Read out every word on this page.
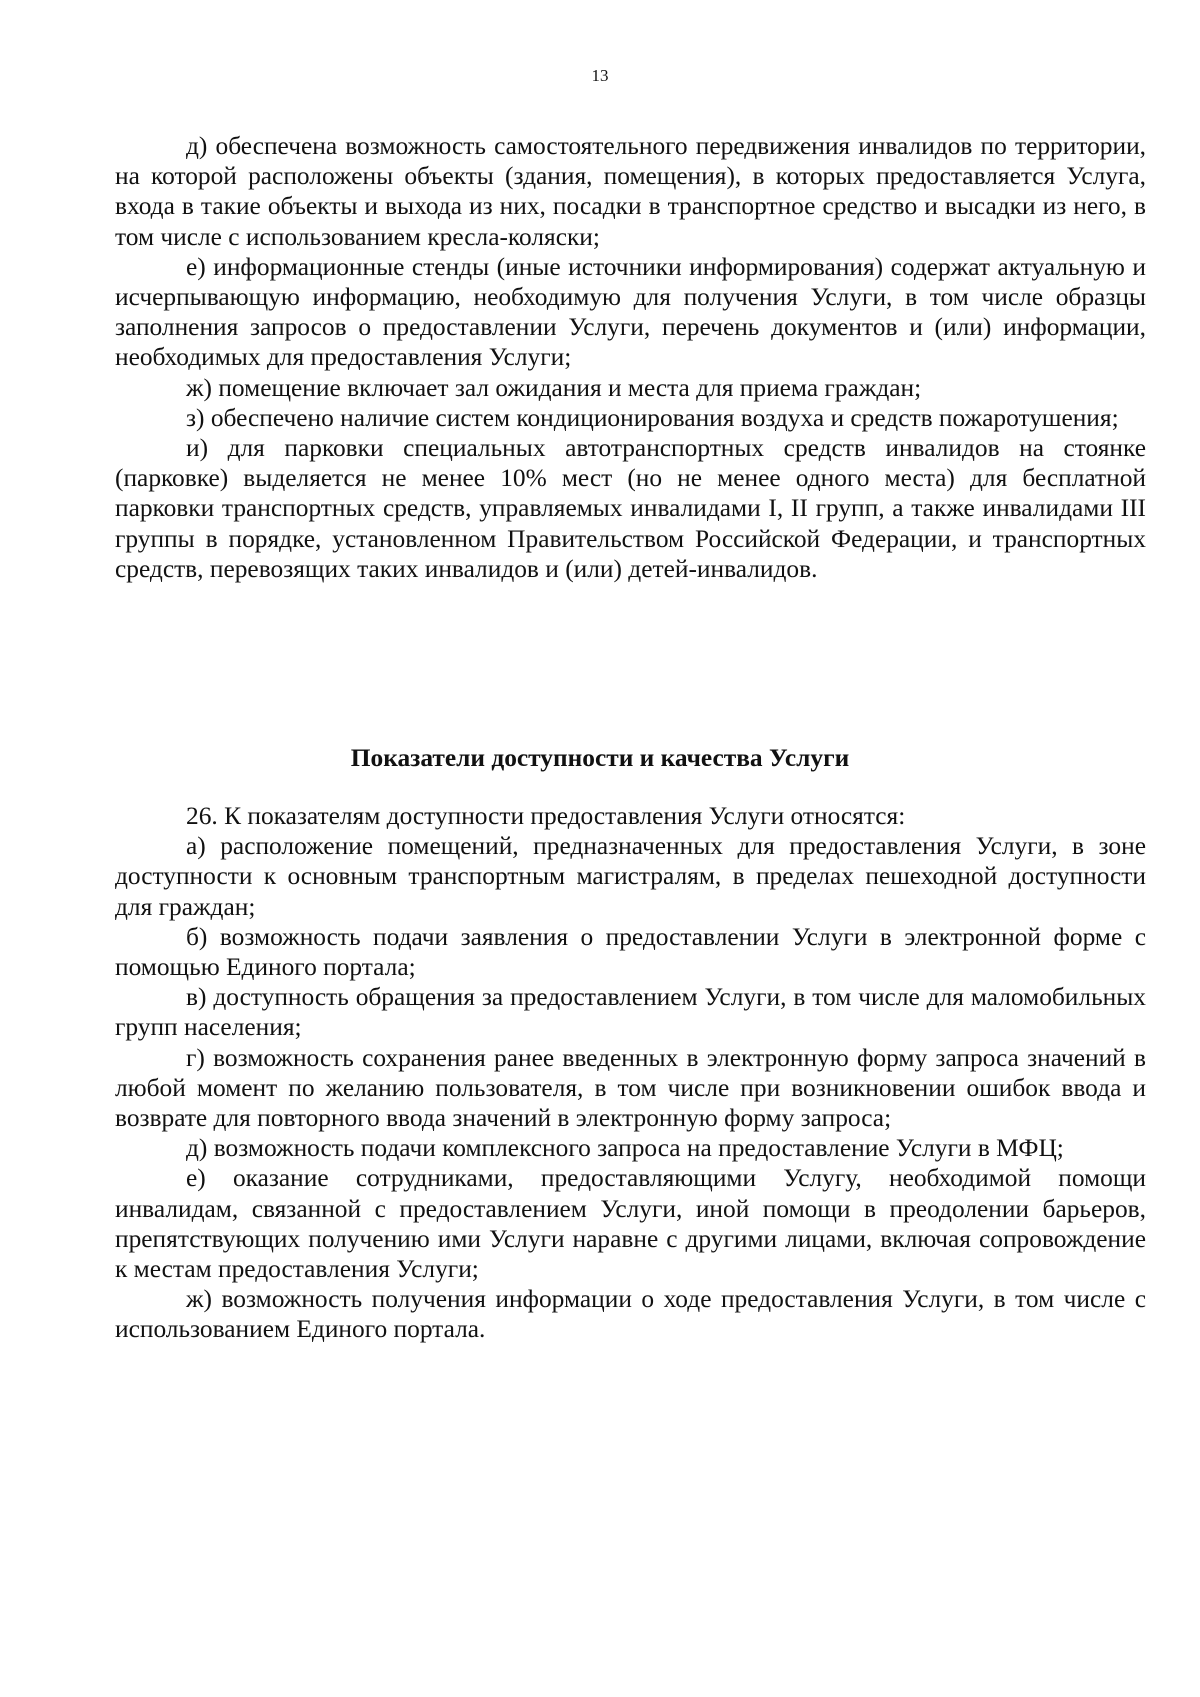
13

д) обеспечена возможность самостоятельного передвижения инвалидов по территории, на которой расположены объекты (здания, помещения), в которых предоставляется Услуга, входа в такие объекты и выхода из них, посадки в транспортное средство и высадки из него, в том числе с использованием кресла-коляски;

е) информационные стенды (иные источники информирования) содержат актуальную и исчерпывающую информацию, необходимую для получения Услуги, в том числе образцы заполнения запросов о предоставлении Услуги, перечень документов и (или) информации, необходимых для предоставления Услуги;

ж) помещение включает зал ожидания и места для приема граждан;

з) обеспечено наличие систем кондиционирования воздуха и средств пожаротушения;

и) для парковки специальных автотранспортных средств инвалидов на стоянке (парковке) выделяется не менее 10% мест (но не менее одного места) для бесплатной парковки транспортных средств, управляемых инвалидами I, II групп, а также инвалидами III группы в порядке, установленном Правительством Российской Федерации, и транспортных средств, перевозящих таких инвалидов и (или) детей-инвалидов.

Показатели доступности и качества Услуги

26. К показателям доступности предоставления Услуги относятся:

а) расположение помещений, предназначенных для предоставления Услуги, в зоне доступности к основным транспортным магистралям, в пределах пешеходной доступности для граждан;

б) возможность подачи заявления о предоставлении Услуги в электронной форме с помощью Единого портала;

в) доступность обращения за предоставлением Услуги, в том числе для маломобильных групп населения;

г) возможность сохранения ранее введенных в электронную форму запроса значений в любой момент по желанию пользователя, в том числе при возникновении ошибок ввода и возврате для повторного ввода значений в электронную форму запроса;

д) возможность подачи комплексного запроса на предоставление Услуги в МФЦ;

е) оказание сотрудниками, предоставляющими Услугу, необходимой помощи инвалидам, связанной с предоставлением Услуги, иной помощи в преодолении барьеров, препятствующих получению ими Услуги наравне с другими лицами, включая сопровождение к местам предоставления Услуги;

ж) возможность получения информации о ходе предоставления Услуги, в том числе с использованием Единого портала.
